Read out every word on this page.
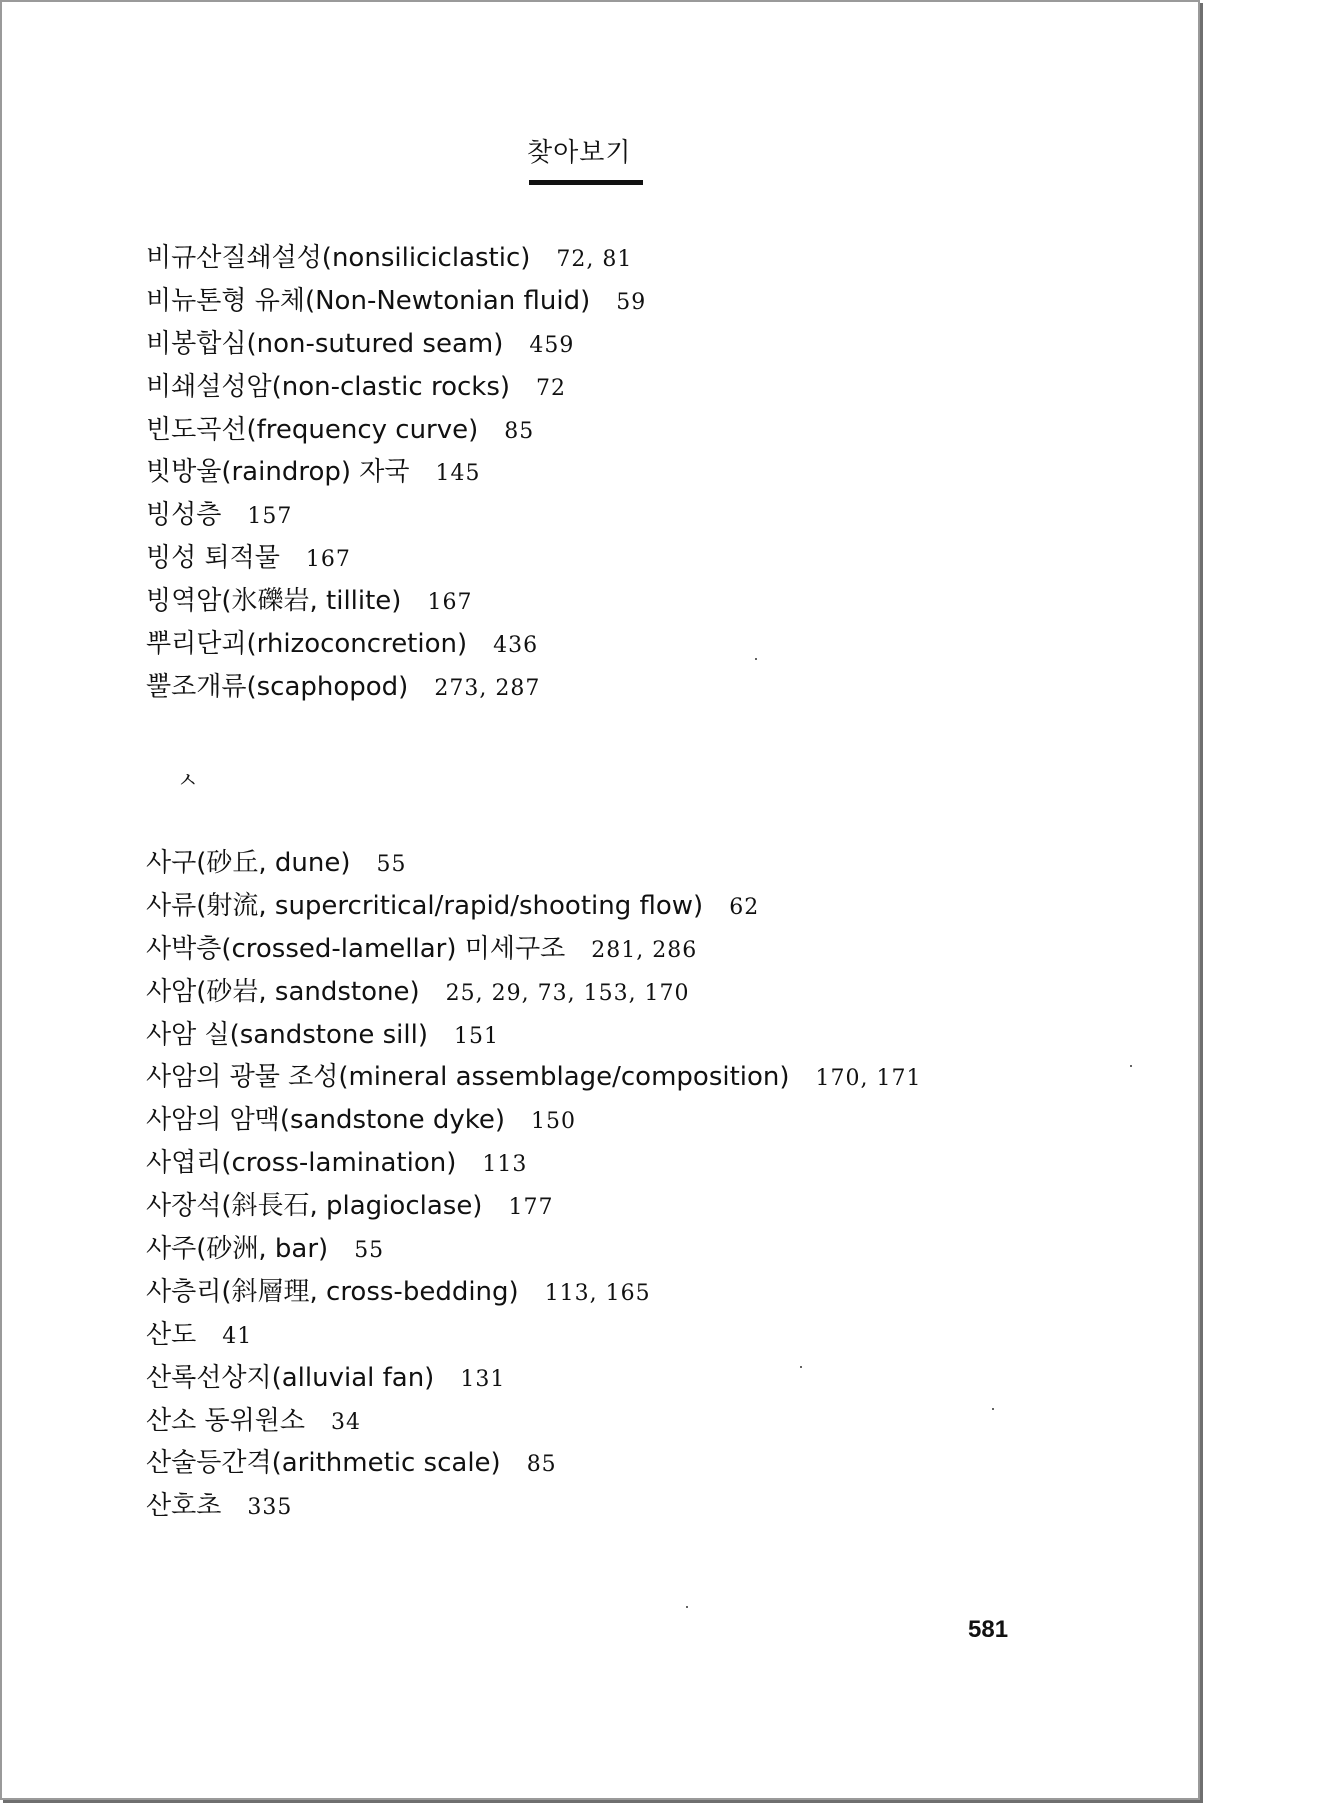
찾아보기
비규산질쇄설성(nonsiliciclastic) 72, 81
비뉴톤형 유체(Non-Newtonian fluid) 59
비봉합심(non-sutured seam) 459
비쇄설성암(non-clastic rocks) 72
빈도곡선(frequency curve) 85
빗방울(raindrop) 자국 145
빙성층 157
빙성 퇴적물 167
빙역암(氷礫岩, tillite) 167
뿌리단괴(rhizoconcretion) 436
뿔조개류(scaphopod) 273, 287
ㅅ
사구(砂丘, dune) 55
사류(射流, supercritical/rapid/shooting flow) 62
사박층(crossed-lamellar) 미세구조 281, 286
사암(砂岩, sandstone) 25, 29, 73, 153, 170
사암 실(sandstone sill) 151
사암의 광물 조성(mineral assemblage/composition) 170, 171
사암의 암맥(sandstone dyke) 150
사엽리(cross-lamination) 113
사장석(斜長石, plagioclase) 177
사주(砂洲, bar) 55
사층리(斜層理, cross-bedding) 113, 165
산도 41
산록선상지(alluvial fan) 131
산소 동위원소 34
산술등간격(arithmetic scale) 85
산호초 335
581
